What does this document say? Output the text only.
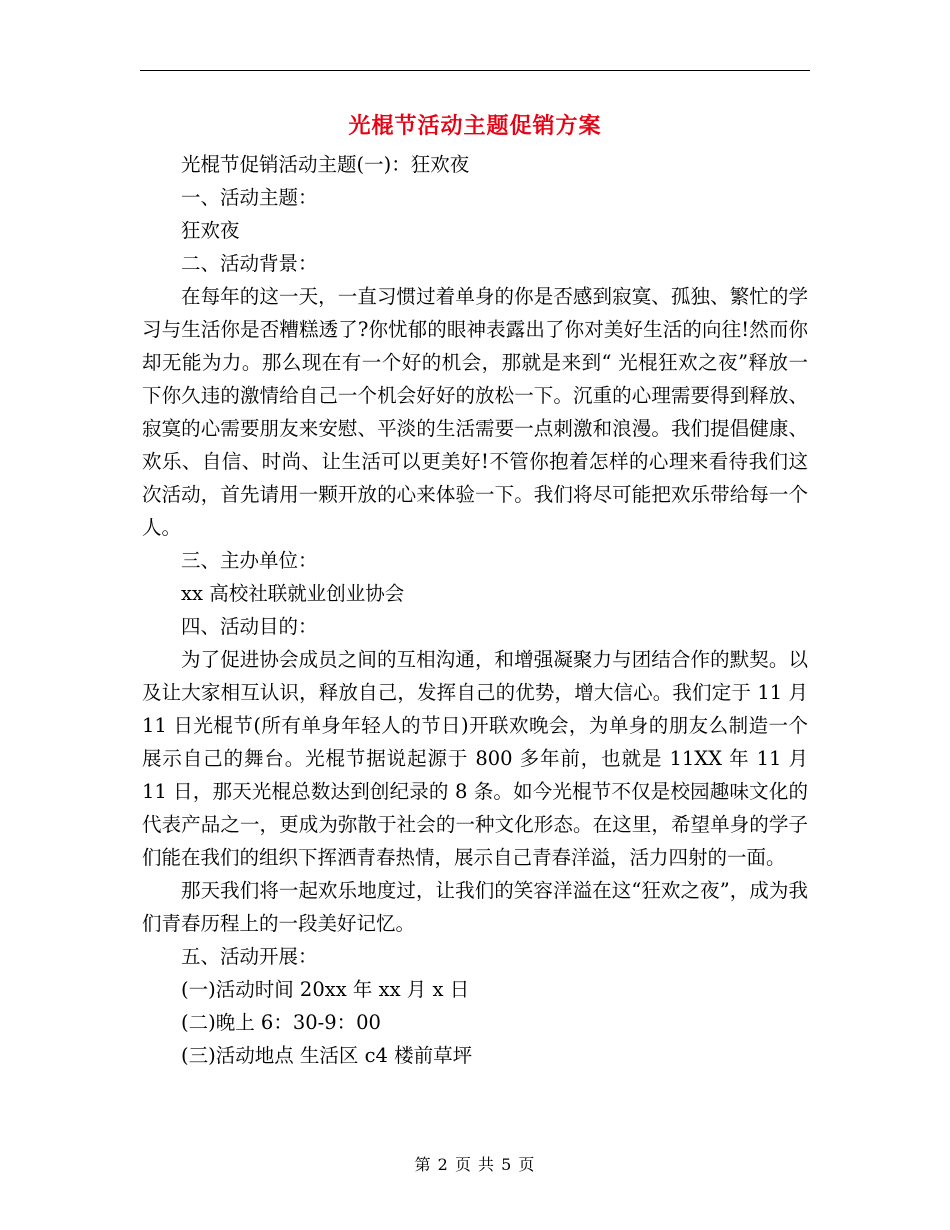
光棍节活动主题促销方案

光棍节促销活动主题(一)：狂欢夜

一、活动主题：

狂欢夜

二、活动背景：

在每年的这一天，一直习惯过着单身的你是否感到寂寞、孤独、繁忙的学习与生活你是否糟糕透了?你忧郁的眼神表露出了你对美好生活的向往!然而你却无能为力。那么现在有一个好的机会，那就是来到“ 光棍狂欢之夜”释放一下你久违的激情给自己一个机会好好的放松一下。沉重的心理需要得到释放、寂寞的心需要朋友来安慰、平淡的生活需要一点刺激和浪漫。我们提倡健康、欢乐、自信、时尚、让生活可以更美好!不管你抱着怎样的心理来看待我们这次活动，首先请用一颗开放的心来体验一下。我们将尽可能把欢乐带给每一个人。

三、主办单位：

xx 高校社联就业创业协会

四、活动目的：

为了促进协会成员之间的互相沟通，和增强凝聚力与团结合作的默契。以及让大家相互认识，释放自己，发挥自己的优势，增大信心。我们定于 11 月 11 日光棍节(所有单身年轻人的节日)开联欢晚会，为单身的朋友么制造一个展示自己的舞台。光棍节据说起源于 800 多年前，也就是 11XX 年 11 月 11 日，那天光棍总数达到创纪录的 8 条。如今光棍节不仅是校园趣味文化的代表产品之一，更成为弥散于社会的一种文化形态。在这里，希望单身的学子们能在我们的组织下挥洒青春热情，展示自己青春洋溢，活力四射的一面。

那天我们将一起欢乐地度过，让我们的笑容洋溢在这“狂欢之夜”，成为我们青春历程上的一段美好记忆。

五、活动开展：

(一)活动时间 20xx 年 xx 月 x 日

(二)晚上 6：30-9：00

(三)活动地点 生活区 c4 楼前草坪

第 2 页 共 5 页
